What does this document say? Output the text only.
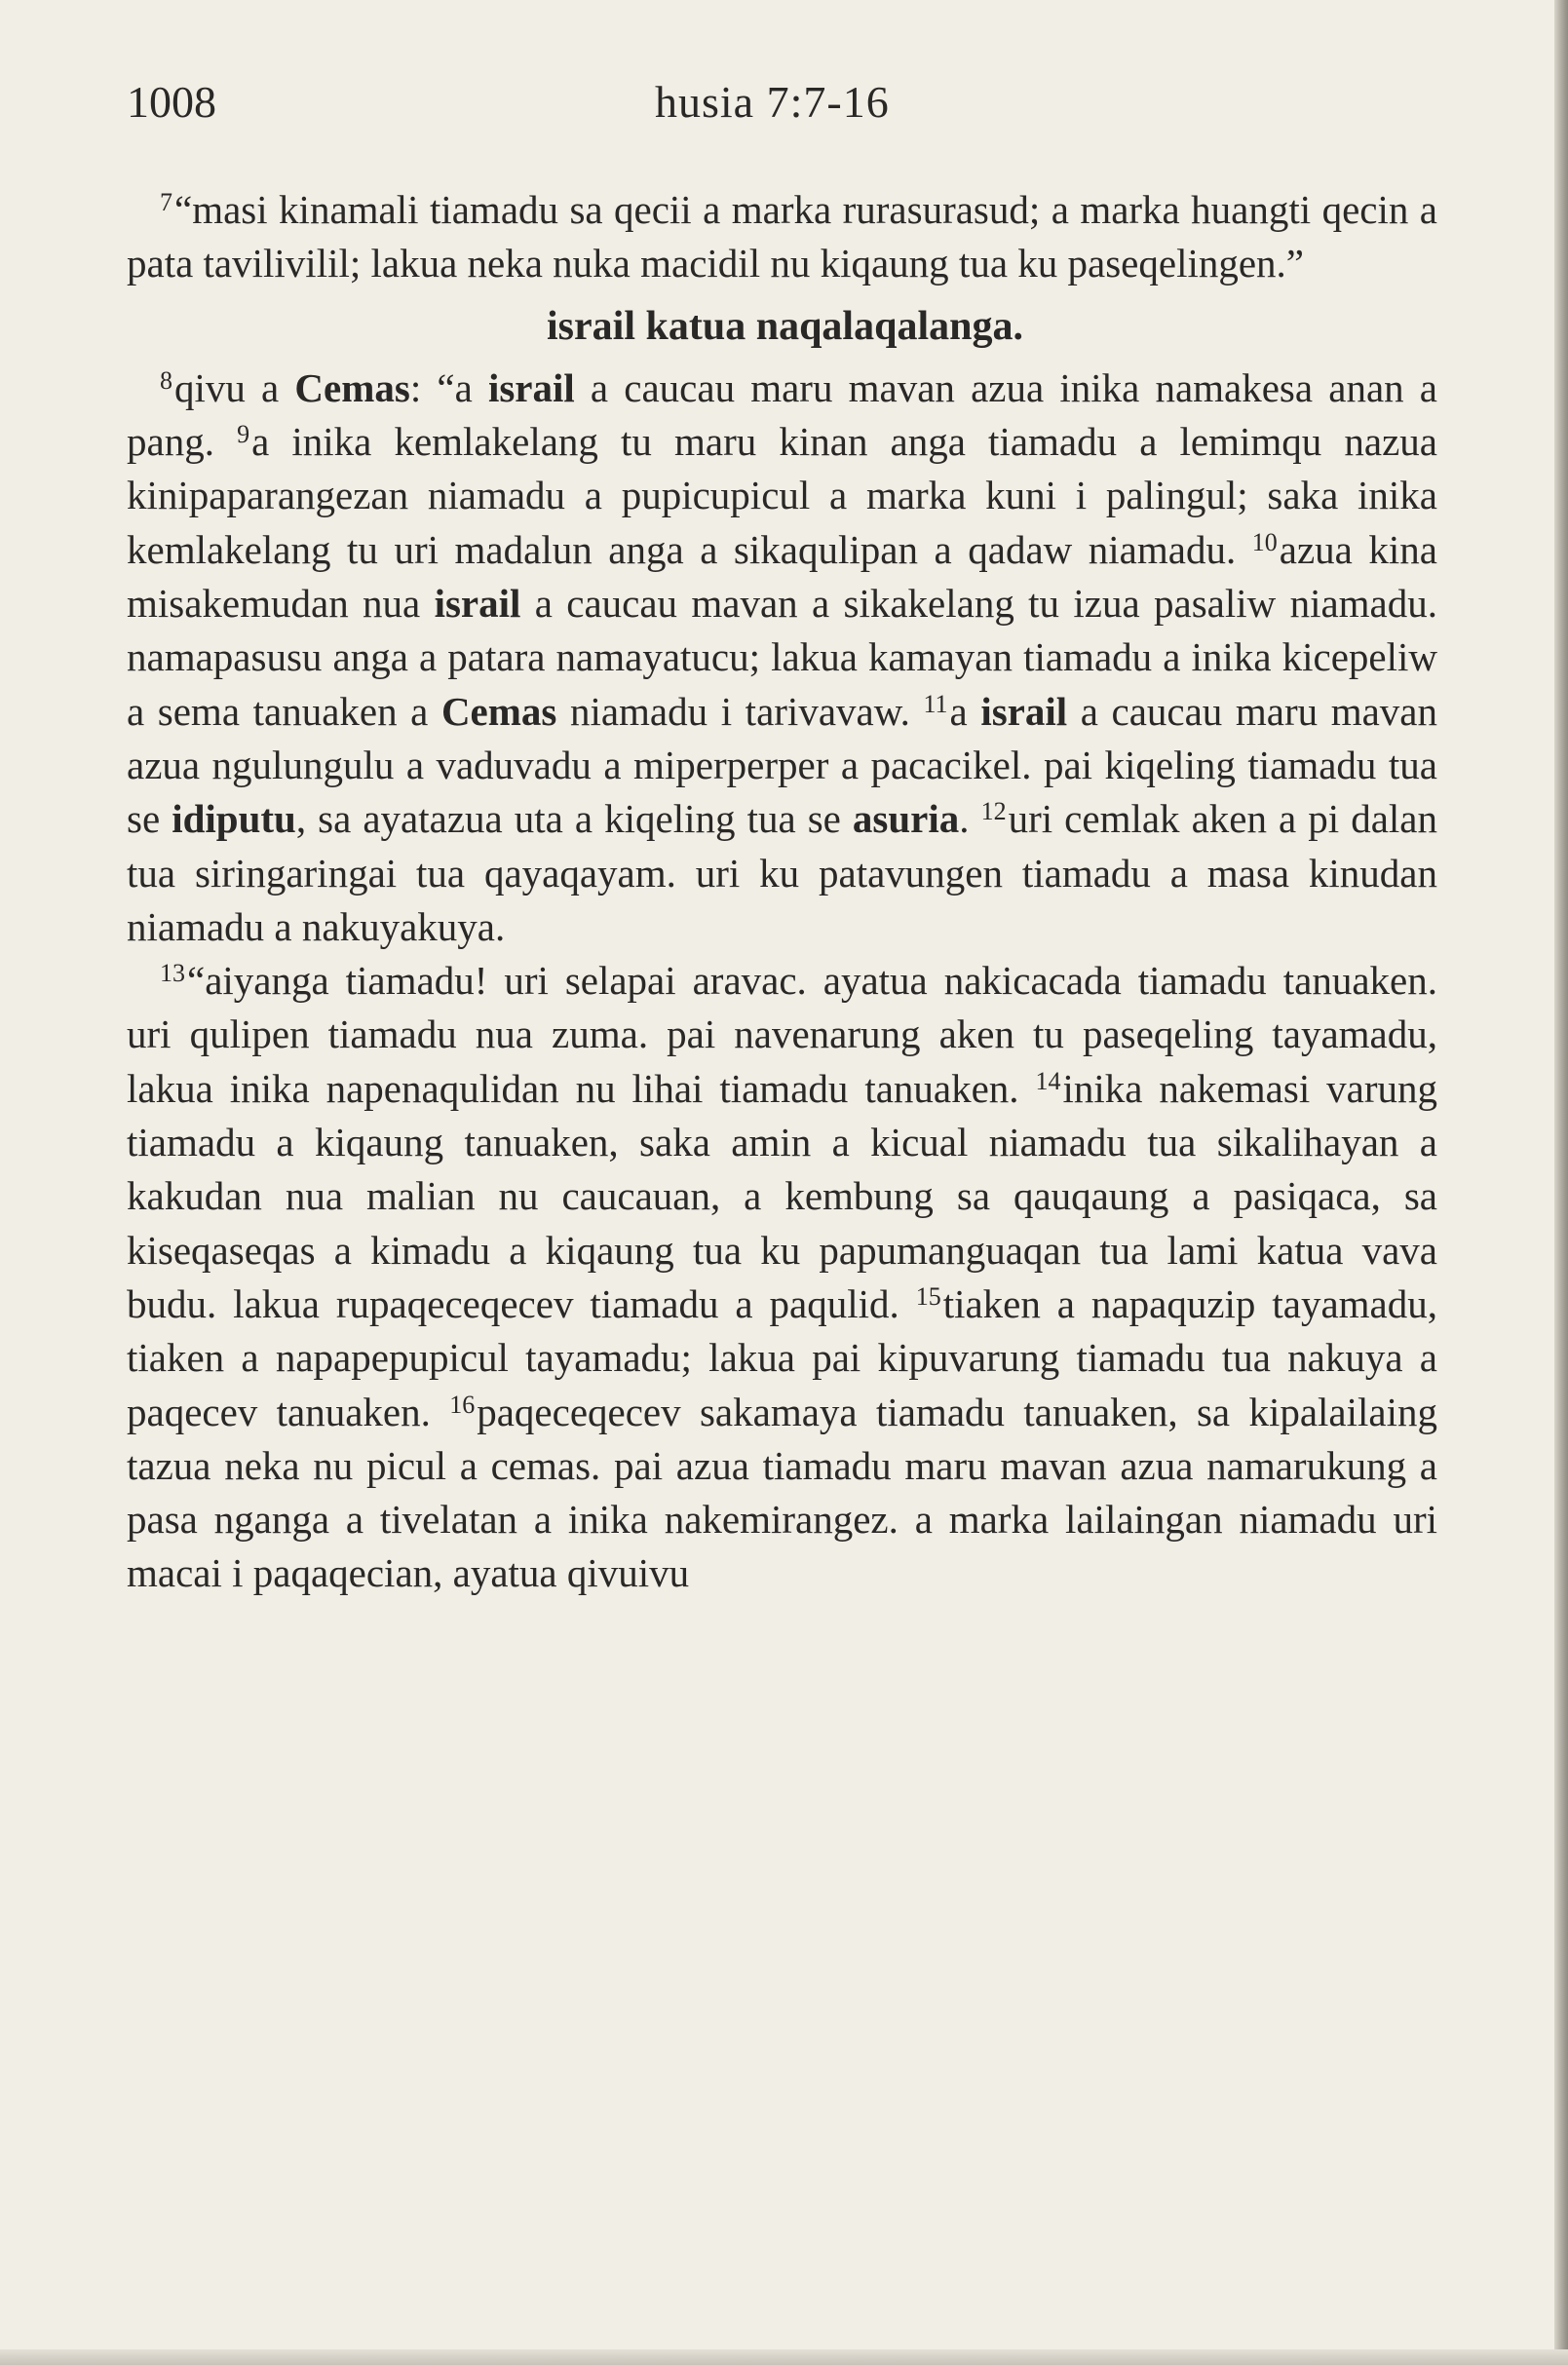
1008	husia 7:7-16

$^7$“masi kinamali tiamadu sa qecii a marka rurasurasud; a marka huangti qecin a pata tavilivilil; lakua neka nuka macidil nu kiqaung tua ku paseqelingen.”

israil katua naqalaqalanga.

$^8$qivu a Cemas: “a israil a caucau maru mavan azua inika namakesa anan a pang. $^9$a inika kemlakelang tu maru kinan anga tiamadu a lemimqu nazua kinipaparangezan niamadu a pupicupicul a marka kuni i palingul; saka inika kemlakelang tu uri madalun anga a sikaqulipan a qadaw niamadu. $^{10}$azua kina misakemudan nua israil a caucau mavan a sikakelang tu izua pasaliw niamadu. namapasusu anga a patara namayatucu; lakua kamayan tiamadu a inika kicepeliw a sema tanuaken a Cemas niamadu i tarivavaw. $^{11}$a israil a caucau maru mavan azua ngulungulu a vaduvadu a miperperper a pacacikel. pai kiqeling tiamadu tua se idiputu, sa ayatazua uta a kiqeling tua se asuria. $^{12}$uri cemlak aken a pi dalan tua siringaringai tua qayaqayam. uri ku patavungen tiamadu a masa kinudan niamadu a nakuyakuya.

$^{13}$“aiyanga tiamadu! uri selapai aravac. ayatua nakicacada tiamadu tanuaken. uri qulipen tiamadu nua zuma. pai navenarung aken tu paseqeling tayamadu, lakua inika napenaqulidan nu lihai tiamadu tanuaken. $^{14}$inika nakemasi varung tiamadu a kiqaung tanuaken, saka amin a kicual niamadu tua sikalihayan a kakudan nua malian nu caucauan, a kembung sa qauqaung a pasiqaca, sa kiseqaseqas a kimadu a kiqaung tua ku papumanguaqan tua lami katua vava budu. lakua rupaqeceqecev tiamadu a paqulid. $^{15}$tiaken a napaquzip tayamadu, tiaken a napapepupicul tayamadu; lakua pai kipuvarung tiamadu tua nakuya a paqecev tanuaken. $^{16}$paqeceqecev sakamaya tiamadu tanuaken, sa kipalailaing tazua neka nu picul a cemas. pai azua tiamadu maru mavan azua namarukung a pasa nganga a tivelatan a inika nakemirangez. a marka lailaingan niamadu uri macai i paqaqecian, ayatua qivuivu
